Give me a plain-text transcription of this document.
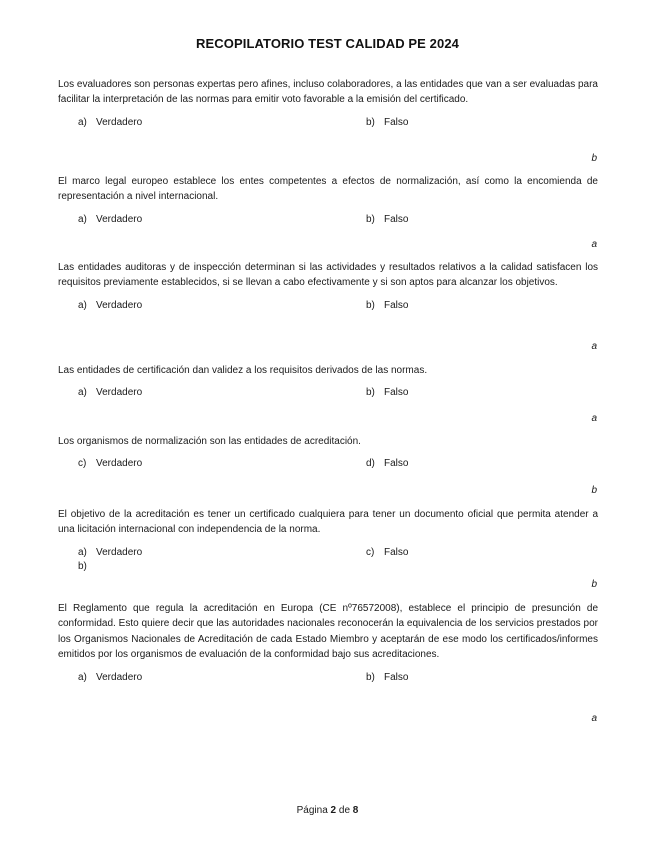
RECOPILATORIO TEST CALIDAD PE 2024

Los evaluadores son personas expertas pero afines, incluso colaboradores, a las entidades que van a ser evaluadas para facilitar la interpretación de las normas para emitir voto favorable a la emisión del certificado.

a) Verdadero	b) Falso
b

El marco legal europeo establece los entes competentes a efectos de normalización, así como la encomienda de representación a nivel internacional.

a) Verdadero	b) Falso
a

Las entidades auditoras y de inspección determinan si las actividades y resultados relativos a la calidad satisfacen los requisitos previamente establecidos, si se llevan a cabo efectivamente y si son aptos para alcanzar los objetivos.

a) Verdadero	b) Falso
a

Las entidades de certificación dan validez a los requisitos derivados de las normas.

a) Verdadero	b) Falso
a

Los organismos de normalización son las entidades de acreditación.

c) Verdadero	d) Falso
b

El objetivo de la acreditación es tener un certificado cualquiera para tener un documento oficial que permita atender a una licitación internacional con independencia de la norma.

a) Verdadero	c) Falso
b)
b

El Reglamento que regula la acreditación en Europa (CE nº76572008), establece el principio de presunción de conformidad. Esto quiere decir que las autoridades nacionales reconocerán la equivalencia de los servicios prestados por los Organismos Nacionales de Acreditación de cada Estado Miembro y aceptarán de ese modo los certificados/informes emitidos por los organismos de evaluación de la conformidad bajo sus acreditaciones.

a) Verdadero	b) Falso
a
Página 2 de 8
